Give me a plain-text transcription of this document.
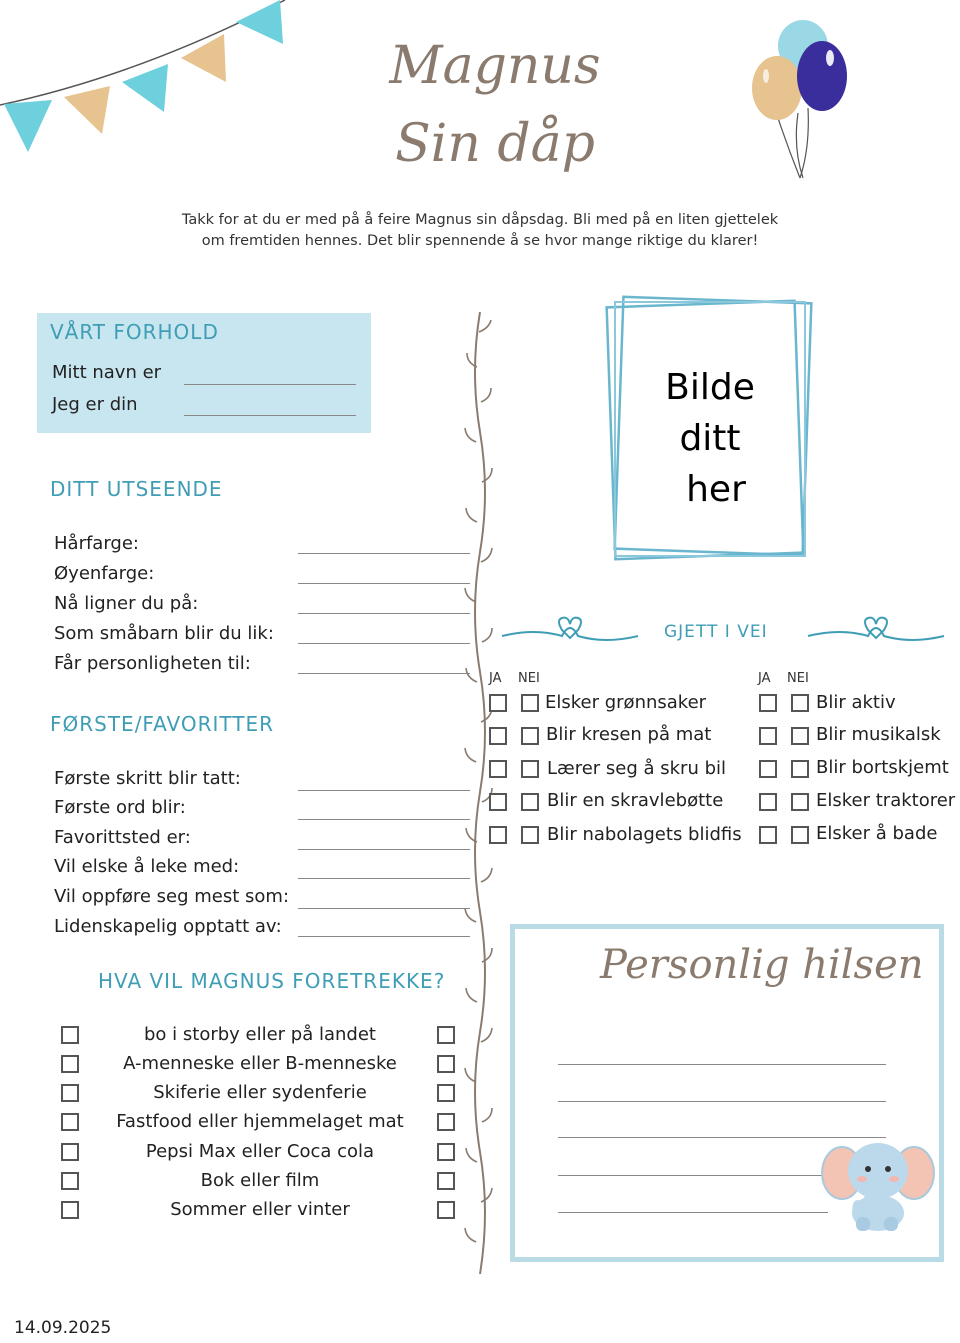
Magnus
Sin dåp
Takk for at du er med på å feire Magnus sin dåpsdag. Bli med på en liten gjettelek
om fremtiden hennes. Det blir spennende å se hvor mange riktige du klarer!
VÅRT FORHOLD
Mitt navn er
Jeg er din
DITT UTSEENDE
Hårfarge:
Øyenfarge:
Nå ligner du på:
Som småbarn blir du lik:
Får personligheten til:
FØRSTE/FAVORITTER
Første skritt blir tatt:
Første ord blir:
Favorittsted er:
Vil elske å leke med:
Vil oppføre seg mest som:
Lidenskapelig opptatt av:
HVA VIL MAGNUS FORETREKKE?
bo i storby eller på landet
A-menneske eller B-menneske
Skiferie eller sydenferie
Fastfood eller hjemmelaget mat
Pepsi Max eller Coca cola
Bok eller film
Sommer eller vinter
Bilde
ditt
her
GJETT I VEI
JA NEI	JA NEI
Elsker grønnsaker
Blir kresen på mat
Lærer seg å skru bil
Blir en skravlebøtte
Blir nabolagets blidfis
Blir aktiv
Blir musikalsk
Blir bortskjemt
Elsker traktorer
Elsker å bade
Personlig hilsen
14.09.2025
